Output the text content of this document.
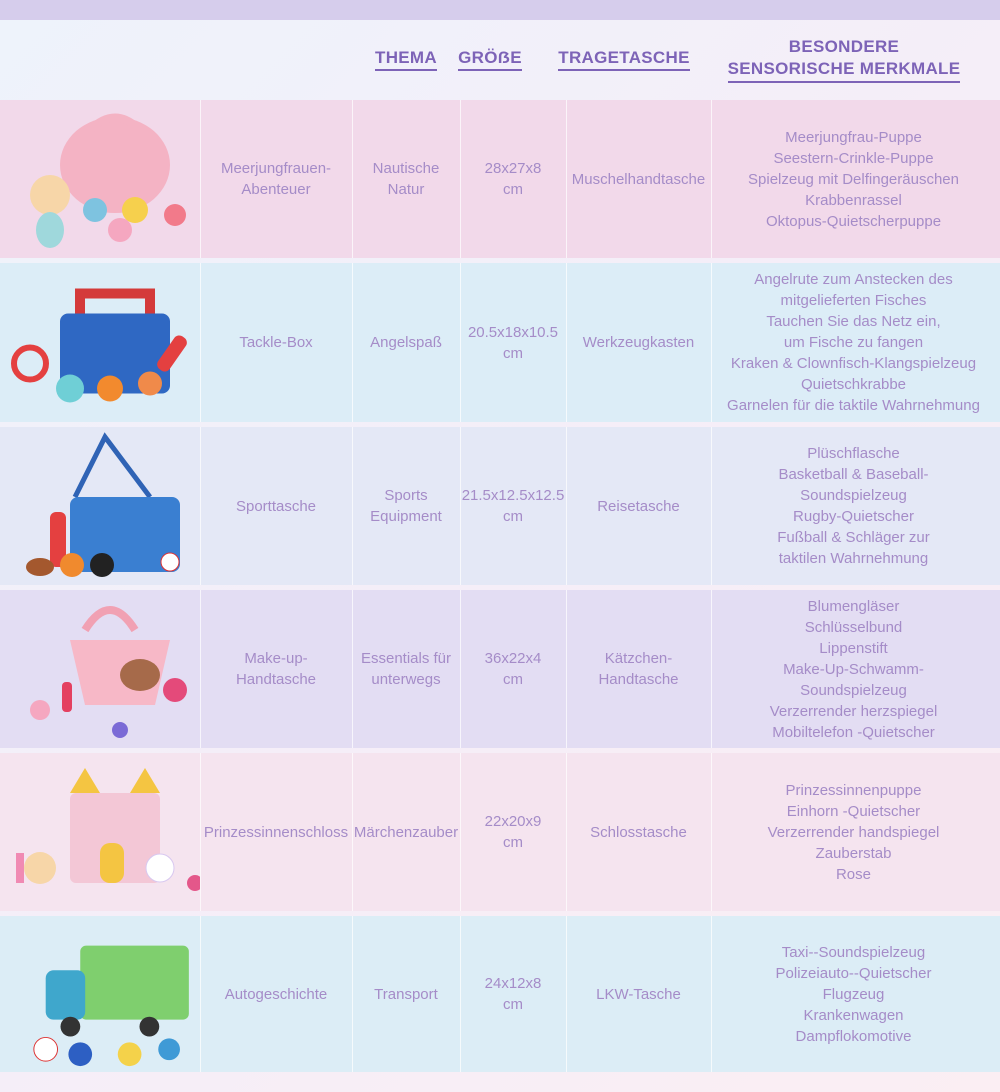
THEMA GRÖẞE TRAGETASCHE
BESONDERE
SENSORISCHE MERKMALE
Meerjungfrauen-
Abenteuer
Nautische
Natur
28x27x8
cm
Muschelhandtasche
Meerjungfrau-Puppe
Seestern-Crinkle-Puppe
Spielzeug mit Delfingeräuschen
Krabbenrassel
Oktopus-Quietscherpuppe
Tackle-Box	Angelspaß
20.5x18x10.5
cm
Werkzeugkasten
Angelrute zum Anstecken des
mitgelieferten Fisches
Tauchen Sie das Netz ein,
um Fische zu fangen
Kraken & Clownfisch-Klangspielzeug
Quietschkrabbe
Garnelen für die taktile Wahrnehmung
Sporttasche
Sports
Equipment
21.5x12.5x12.5
cm
Reisetasche
Plüschflasche
Basketball & Baseball-
Soundspielzeug
Rugby-Quietscher
Fußball & Schläger zur
taktilen Wahrnehmung
Make-up-
Handtasche
Essentials für
unterwegs
36x22x4
cm
Kätzchen-
Handtasche
Blumengläser
Schlüsselbund
Lippenstift
Make-Up-Schwamm-
Soundspielzeug
Verzerrender herzspiegel
Mobiltelefon -Quietscher
Prinzessinnenschloss Märchenzauber
22x20x9
cm
Schlosstasche
Prinzessinnenpuppe
Einhorn -Quietscher
Verzerrender handspiegel
Zauberstab
Rose
Autogeschichte	Transport
24x12x8
cm
LKW-Tasche
Taxi--Soundspielzeug
Polizeiauto--Quietscher
Flugzeug
Krankenwagen
Dampflokomotive
